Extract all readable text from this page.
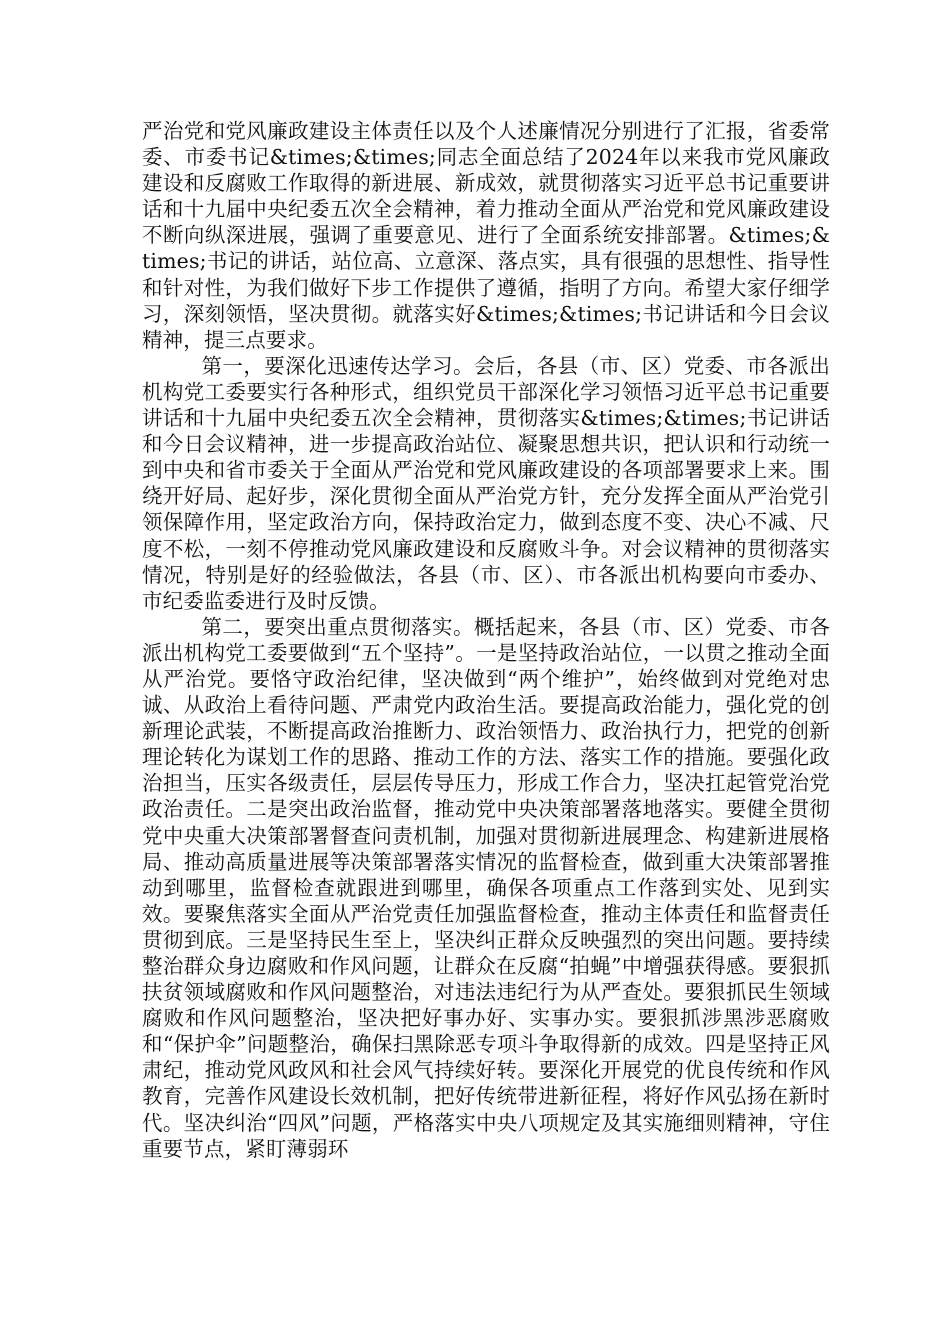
严治党和党风廉政建设主体责任以及个人述廉情况分别进行了汇报，省委常委、市委书记&times;&times;同志全面总结了2024年以来我市党风廉政建设和反腐败工作取得的新进展、新成效，就贯彻落实习近平总书记重要讲话和十九届中央纪委五次全会精神，着力推动全面从严治党和党风廉政建设不断向纵深进展，强调了重要意见、进行了全面系统安排部署。&times;&times;书记的讲话，站位高、立意深、落点实，具有很强的思想性、指导性和针对性，为我们做好下步工作提供了遵循，指明了方向。希望大家仔细学习，深刻领悟，坚决贯彻。就落实好&times;&times;书记讲话和今日会议精神，提三点要求。

第一，要深化迅速传达学习。会后，各县（市、区）党委、市各派出机构党工委要实行各种形式，组织党员干部深化学习领悟习近平总书记重要讲话和十九届中央纪委五次全会精神，贯彻落实&times;&times;书记讲话和今日会议精神，进一步提高政治站位、凝聚思想共识，把认识和行动统一到中央和省市委关于全面从严治党和党风廉政建设的各项部署要求上来。围绕开好局、起好步，深化贯彻全面从严治党方针，充分发挥全面从严治党引领保障作用，坚定政治方向，保持政治定力，做到态度不变、决心不减、尺度不松，一刻不停推动党风廉政建设和反腐败斗争。对会议精神的贯彻落实情况，特别是好的经验做法，各县（市、区）、市各派出机构要向市委办、市纪委监委进行及时反馈。

第二，要突出重点贯彻落实。概括起来，各县（市、区）党委、市各派出机构党工委要做到“五个坚持”。一是坚持政治站位，一以贯之推动全面从严治党。要恪守政治纪律，坚决做到“两个维护”，始终做到对党绝对忠诚、从政治上看待问题、严肃党内政治生活。要提高政治能力，强化党的创新理论武装，不断提高政治推断力、政治领悟力、政治执行力，把党的创新理论转化为谋划工作的思路、推动工作的方法、落实工作的措施。要强化政治担当，压实各级责任，层层传导压力，形成工作合力，坚决扛起管党治党政治责任。二是突出政治监督，推动党中央决策部署落地落实。要健全贯彻党中央重大决策部署督查问责机制，加强对贯彻新进展理念、构建新进展格局、推动高质量进展等决策部署落实情况的监督检查，做到重大决策部署推动到哪里，监督检查就跟进到哪里，确保各项重点工作落到实处、见到实效。要聚焦落实全面从严治党责任加强监督检查，推动主体责任和监督责任贯彻到底。三是坚持民生至上，坚决纠正群众反映强烈的突出问题。要持续整治群众身边腐败和作风问题，让群众在反腐“拍蝇”中增强获得感。要狠抓扶贫领域腐败和作风问题整治，对违法违纪行为从严查处。要狠抓民生领域腐败和作风问题整治，坚决把好事办好、实事办实。要狠抓涉黑涉恶腐败和“保护伞”问题整治，确保扫黑除恶专项斗争取得新的成效。四是坚持正风肃纪，推动党风政风和社会风气持续好转。要深化开展党的优良传统和作风教育，完善作风建设长效机制，把好传统带进新征程，将好作风弘扬在新时代。坚决纠治“四风”问题，严格落实中央八项规定及其实施细则精神，守住重要节点，紧盯薄弱环
